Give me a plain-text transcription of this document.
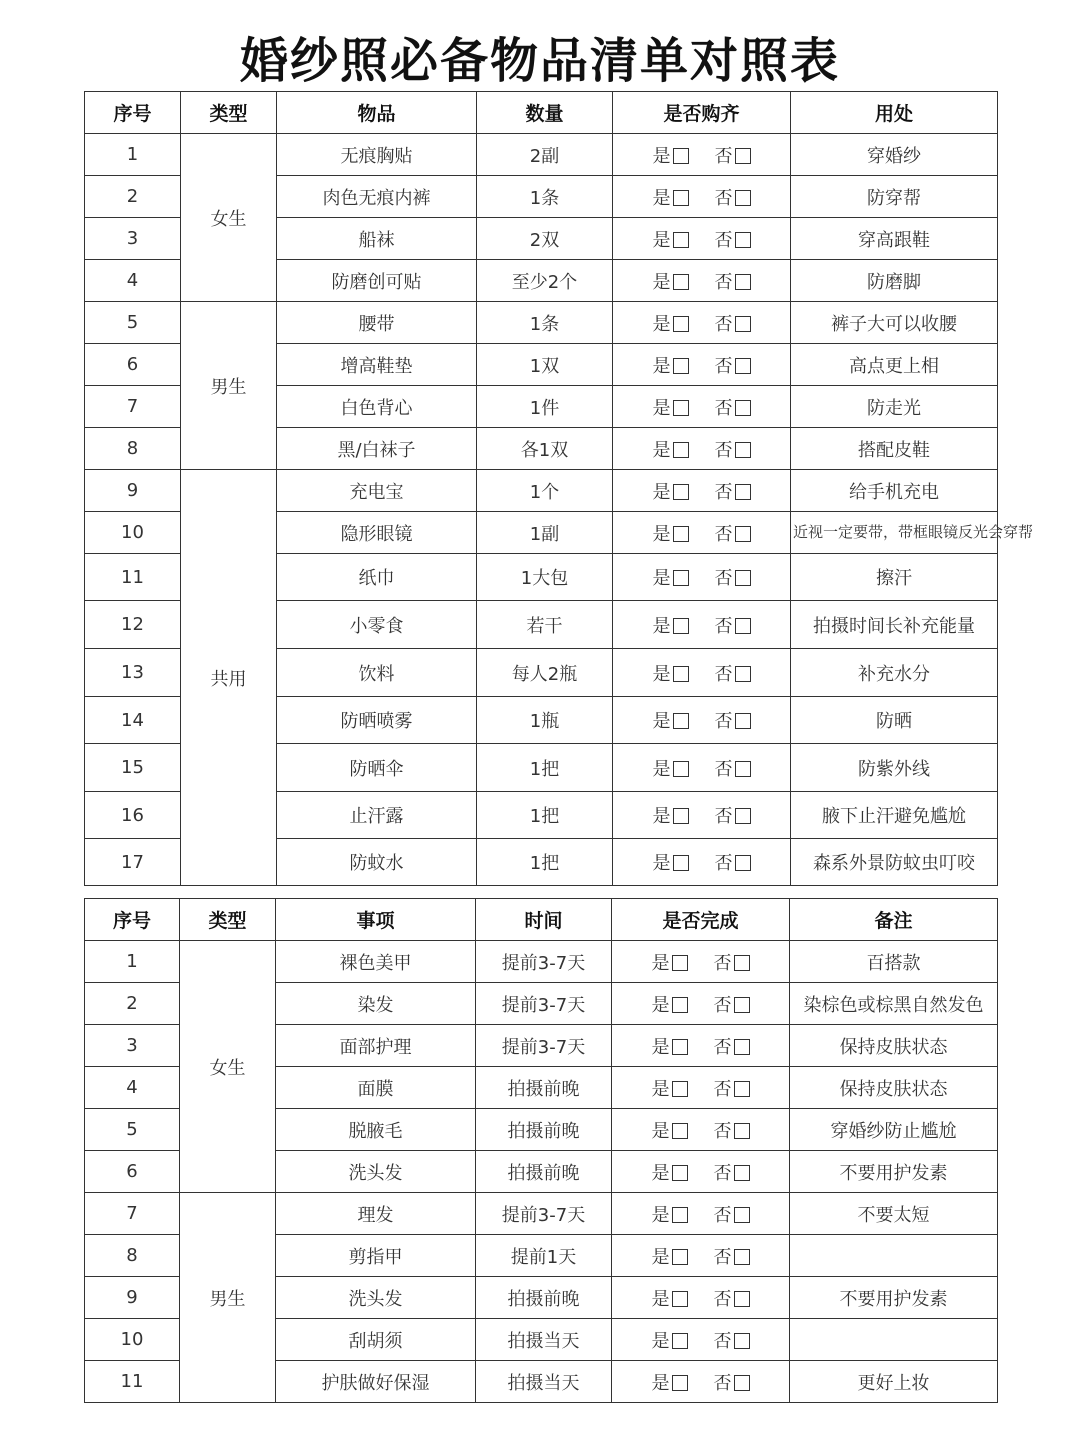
婚纱照必备物品清单对照表
序号	类型	物品	数量	是否购齐	用处
1	女生	无痕胸贴	2副	是 否	穿婚纱
2		肉色无痕内裤	1条	是 否	防穿帮
3		船袜	2双	是 否	穿高跟鞋
4		防磨创可贴	至少2个	是 否	防磨脚
5	男生	腰带	1条	是 否	裤子大可以收腰
6		增高鞋垫	1双	是 否	高点更上相
7		白色背心	1件	是 否	防走光
8		黑/白袜子	各1双	是 否	搭配皮鞋
9	共用	充电宝	1个	是 否	给手机充电
10		隐形眼镜	1副	是 否	近视一定要带，带框眼镜反光会穿帮
11		纸巾	1大包	是 否	擦汗
12		小零食	若干	是 否	拍摄时间长补充能量
13		饮料	每人2瓶	是 否	补充水分
14		防晒喷雾	1瓶	是 否	防晒
15		防晒伞	1把	是 否	防紫外线
16		止汗露	1把	是 否	腋下止汗避免尴尬
17		防蚊水	1把	是 否	森系外景防蚊虫叮咬
序号	类型	事项	时间	是否完成	备注
1	女生	裸色美甲	提前3-7天	是 否	百搭款
2		染发	提前3-7天	是 否	染棕色或棕黑自然发色
3		面部护理	提前3-7天	是 否	保持皮肤状态
4		面膜	拍摄前晚	是 否	保持皮肤状态
5		脱腋毛	拍摄前晚	是 否	穿婚纱防止尴尬
6		洗头发	拍摄前晚	是 否	不要用护发素
7	男生	理发	提前3-7天	是 否	不要太短
8		剪指甲	提前1天	是 否	
9		洗头发	拍摄前晚	是 否	不要用护发素
10		刮胡须	拍摄当天	是 否	
11		护肤做好保湿	拍摄当天	是 否	更好上妆
